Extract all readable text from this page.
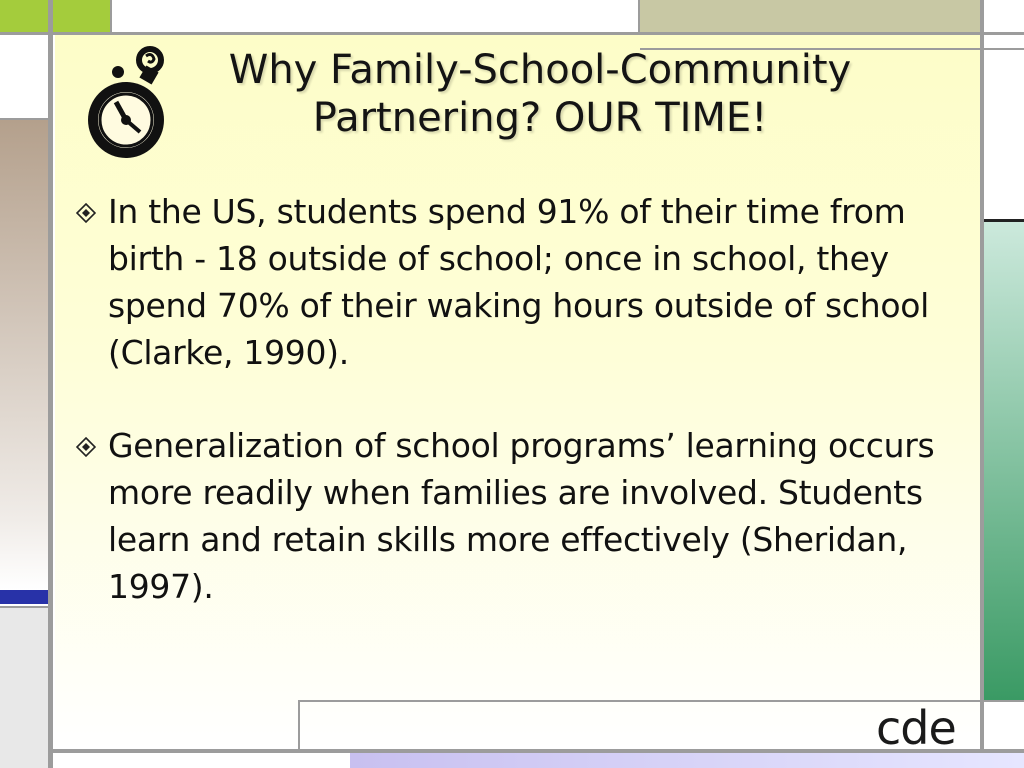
Why Family-School-Community
Partnering? OUR TIME!
In the US, students spend 91% of their time from birth - 18 outside of school; once in school, they spend 70% of their waking hours outside of school (Clarke, 1990).
Generalization of school programs’ learning occurs more readily when families are involved. Students learn and retain skills more effectively (Sheridan, 1997).
cde
